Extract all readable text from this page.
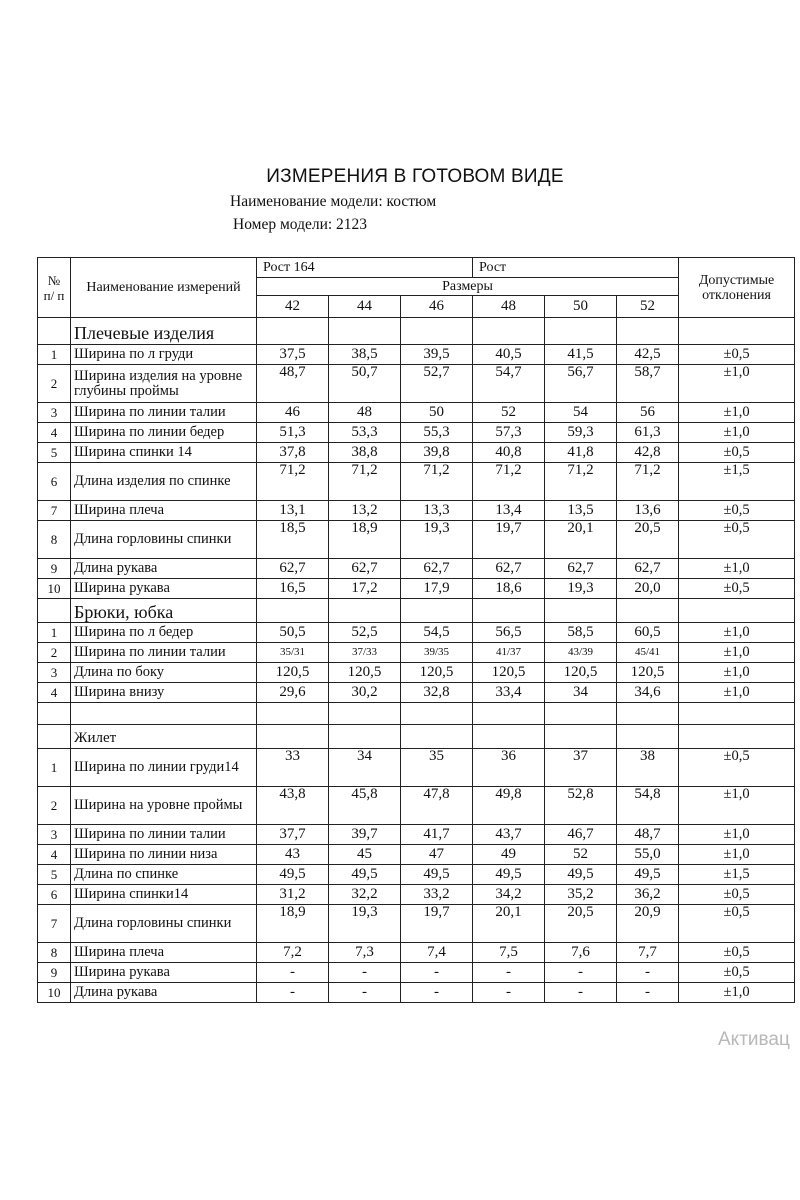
ИЗМЕРЕНИЯ В ГОТОВОМ ВИДЕ
Наименование модели: костюм
Номер модели: 2123
№ п/ п	Наименование измерений	Рост 164			Рост			Допустимые отклонения
		Размеры						
		42	44	46	48	50	52	
	Плечевые изделия							
1	Ширина по л груди	37,5	38,5	39,5	40,5	41,5	42,5	±0,5
2	Ширина изделия на уровне глубины проймы	48,7	50,7	52,7	54,7	56,7	58,7	±1,0
3	Ширина по линии талии	46	48	50	52	54	56	±1,0
4	Ширина по линии бедер	51,3	53,3	55,3	57,3	59,3	61,3	±1,0
5	Ширина спинки 14	37,8	38,8	39,8	40,8	41,8	42,8	±0,5
6	Длина изделия по спинке	71,2	71,2	71,2	71,2	71,2	71,2	±1,5
7	Ширина плеча	13,1	13,2	13,3	13,4	13,5	13,6	±0,5
8	Длина горловины спинки	18,5	18,9	19,3	19,7	20,1	20,5	±0,5
9	Длина рукава	62,7	62,7	62,7	62,7	62,7	62,7	±1,0
10	Ширина рукава	16,5	17,2	17,9	18,6	19,3	20,0	±0,5
	Брюки, юбка							
1	Ширина по л бедер	50,5	52,5	54,5	56,5	58,5	60,5	±1,0
2	Ширина по линии талии	35/31	37/33	39/35	41/37	43/39	45/41	±1,0
3	Длина по боку	120,5	120,5	120,5	120,5	120,5	120,5	±1,0
4	Ширина внизу	29,6	30,2	32,8	33,4	34	34,6	±1,0

	Жилет							
1	Ширина по линии груди14	33	34	35	36	37	38	±0,5
2	Ширина на уровне проймы	43,8	45,8	47,8	49,8	52,8	54,8	±1,0
3	Ширина по линии талии	37,7	39,7	41,7	43,7	46,7	48,7	±1,0
4	Ширина по линии низа	43	45	47	49	52	55,0	±1,0
5	Длина по спинке	49,5	49,5	49,5	49,5	49,5	49,5	±1,5
6	Ширина спинки14	31,2	32,2	33,2	34,2	35,2	36,2	±0,5
7	Длина горловины спинки	18,9	19,3	19,7	20,1	20,5	20,9	±0,5
8	Ширина плеча	7,2	7,3	7,4	7,5	7,6	7,7	±0,5
9	Ширина рукава	-	-	-	-	-	-	±0,5
10	Длина рукава	-	-	-	-	-	-	±1,0
Активац
